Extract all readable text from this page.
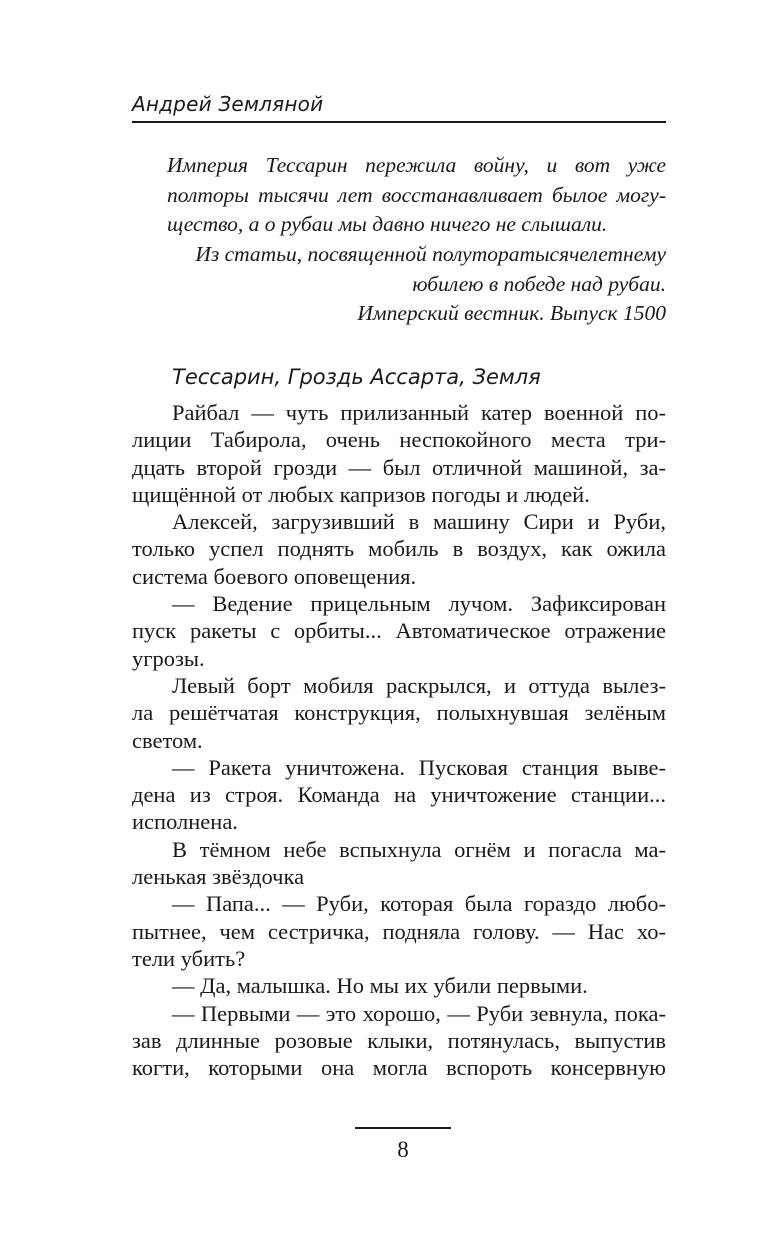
Андрей Земляной

Империя Тессарин пережила войну, и вот уже
полторы тысячи лет восстанавливает былое могу-
щество, а о рубаи мы давно ничего не слышали.

Из статьи, посвященной полуторатысячелетнему
юбилею в победе над рубаи.
Имперский вестник. Выпуск 1500

Тессарин, Гроздь Ассарта, Земля

Райбал — чуть прилизанный катер военной по-
лиции Табирола, очень неспокойного места три-
дцать второй грозди — был отличной машиной, за-
щищённой от любых капризов погоды и людей.
Алексей, загрузивший в машину Сири и Руби,
только успел поднять мобиль в воздух, как ожила
система боевого оповещения.
— Ведение прицельным лучом. Зафиксирован
пуск ракеты с орбиты... Автоматическое отражение
угрозы.
Левый борт мобиля раскрылся, и оттуда вылез-
ла решётчатая конструкция, полыхнувшая зелёным
светом.
— Ракета уничтожена. Пусковая станция выве-
дена из строя. Команда на уничтожение станции...
исполнена.
В тёмном небе вспыхнула огнём и погасла ма-
ленькая звёздочка
— Папа... — Руби, которая была гораздо любо-
пытнее, чем сестричка, подняла голову. — Нас хо-
тели убить?
— Да, малышка. Но мы их убили первыми.
— Первыми — это хорошо, — Руби зевнула, пока-
зав длинные розовые клыки, потянулась, выпустив
когти, которыми она могла вспороть консервную

8
